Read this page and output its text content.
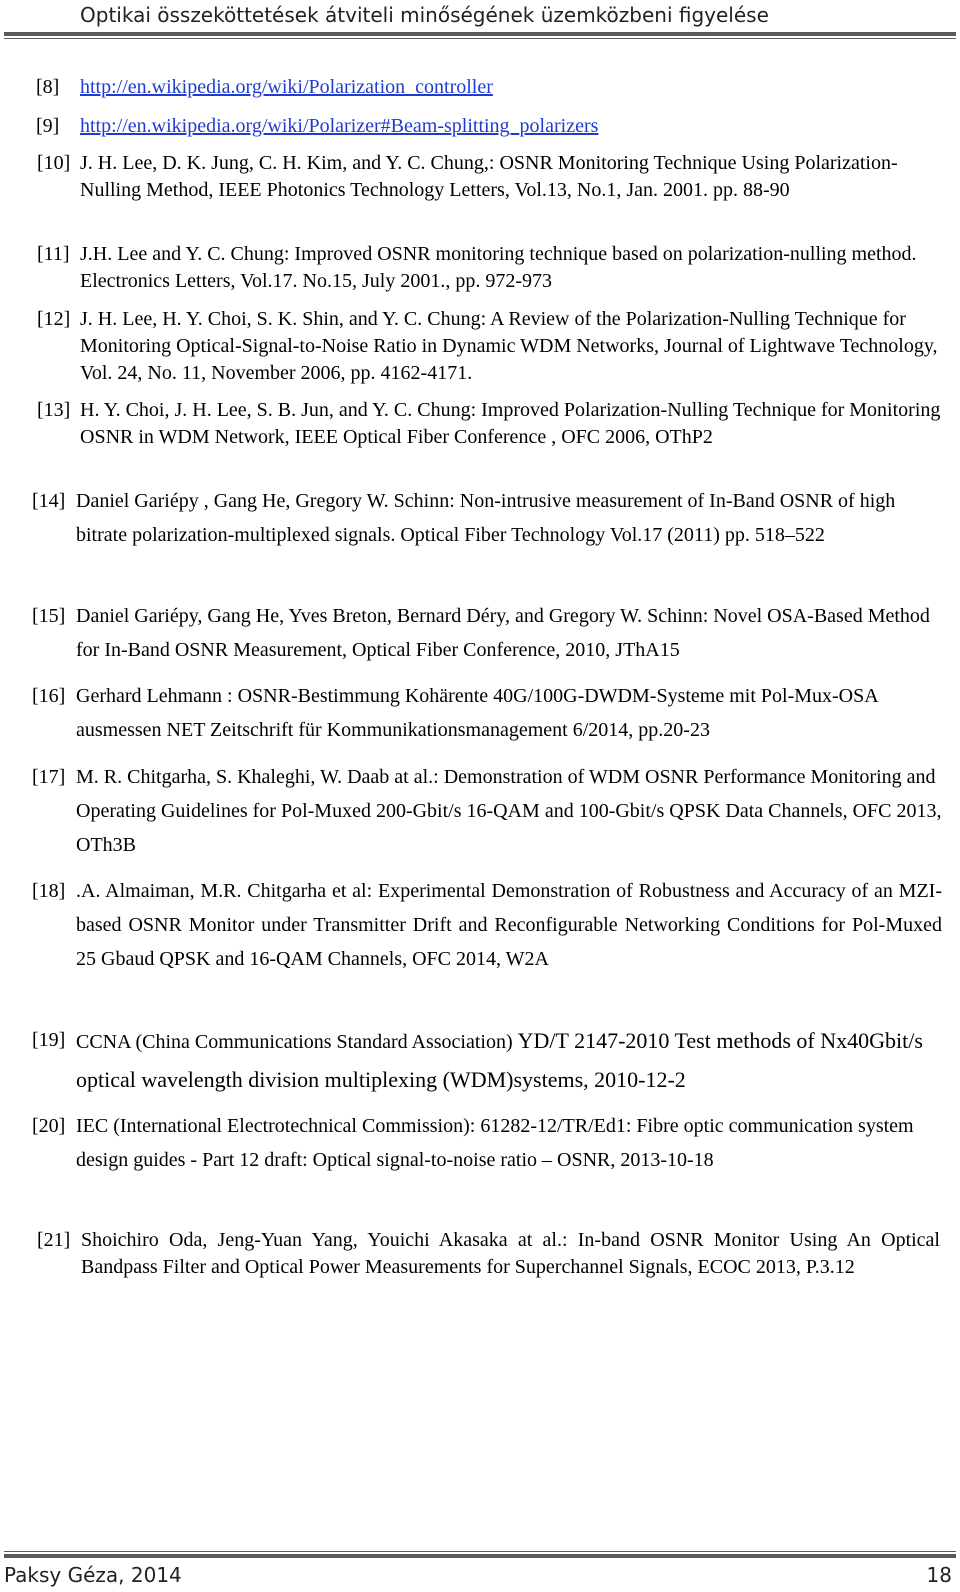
Optikai összeköttetések átviteli minőségének üzemközbeni figyelése
[8]	http://en.wikipedia.org/wiki/Polarization_controller
[9]	http://en.wikipedia.org/wiki/Polarizer#Beam-splitting_polarizers
[10] J. H. Lee, D. K. Jung, C. H. Kim, and Y. C. Chung,: OSNR Monitoring Technique Using Polarization-Nulling Method, IEEE Photonics Technology Letters, Vol.13, No.1, Jan. 2001. pp. 88-90
[11] J.H. Lee and Y. C. Chung: Improved OSNR monitoring technique based on polarization-nulling method. Electronics Letters, Vol.17. No.15, July 2001., pp. 972-973
[12] J. H. Lee, H. Y. Choi, S. K. Shin, and Y. C. Chung: A Review of the Polarization-Nulling Technique for Monitoring Optical-Signal-to-Noise Ratio in Dynamic WDM Networks, Journal of Lightwave Technology, Vol. 24, No. 11, November 2006, pp. 4162-4171.
[13] H. Y. Choi, J. H. Lee, S. B. Jun, and Y. C. Chung: Improved Polarization-Nulling Technique for Monitoring OSNR in WDM Network, IEEE Optical Fiber Conference , OFC 2006, OThP2
[14] Daniel Gariépy , Gang He, Gregory W. Schinn: Non-intrusive measurement of In-Band OSNR of high bitrate polarization-multiplexed signals. Optical Fiber Technology Vol.17 (2011) pp. 518–522
[15] Daniel Gariépy, Gang He, Yves Breton, Bernard Déry, and Gregory W. Schinn: Novel OSA-Based Method for In-Band OSNR Measurement, Optical Fiber Conference, 2010, JThA15
[16] Gerhard Lehmann : OSNR-Bestimmung Kohärente 40G/100G-DWDM-Systeme mit Pol-Mux-OSA ausmessen NET Zeitschrift für Kommunikationsmanagement 6/2014, pp.20-23
[17] M. R. Chitgarha, S. Khaleghi, W. Daab at al.: Demonstration of WDM OSNR Performance Monitoring and Operating Guidelines for Pol-Muxed 200-Gbit/s 16-QAM and 100-Gbit/s QPSK Data Channels, OFC 2013, OTh3B
[18] .A. Almaiman, M.R. Chitgarha et al: Experimental Demonstration of Robustness and Accuracy of an MZI-based OSNR Monitor under Transmitter Drift and Reconfigurable Networking Conditions for Pol-Muxed 25 Gbaud QPSK and 16-QAM Channels, OFC 2014, W2A
[19] CCNA (China Communications Standard Association) YD/T 2147-2010 Test methods of Nx40Gbit/s optical wavelength division multiplexing (WDM)systems, 2010-12-2
[20] IEC (International Electrotechnical Commission): 61282-12/TR/Ed1: Fibre optic communication system design guides - Part 12 draft: Optical signal-to-noise ratio – OSNR, 2013-10-18
[21] Shoichiro Oda, Jeng-Yuan Yang, Youichi Akasaka at al.: In-band OSNR Monitor Using An Optical Bandpass Filter and Optical Power Measurements for Superchannel Signals, ECOC 2013, P.3.12
Paksy Géza, 2014	18
